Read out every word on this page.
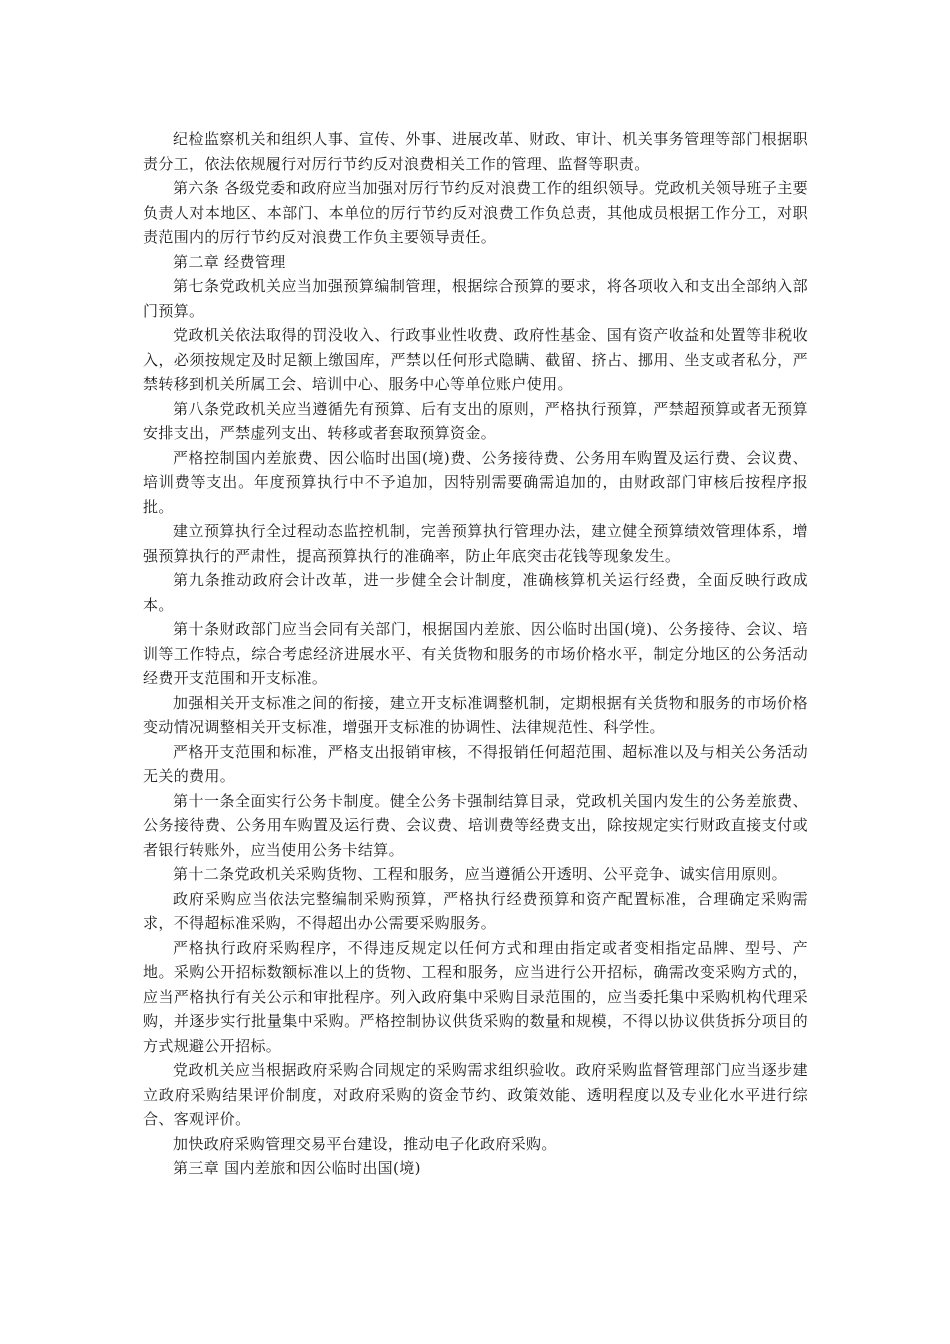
纪检监察机关和组织人事、宣传、外事、进展改革、财政、审计、机关事务管理等部门根据职责分工，依法依规履行对厉行节约反对浪费相关工作的管理、监督等职责。

第六条 各级党委和政府应当加强对厉行节约反对浪费工作的组织领导。党政机关领导班子主要负责人对本地区、本部门、本单位的厉行节约反对浪费工作负总责，其他成员根据工作分工，对职责范围内的厉行节约反对浪费工作负主要领导责任。

第二章 经费管理

第七条党政机关应当加强预算编制管理，根据综合预算的要求，将各项收入和支出全部纳入部门预算。

党政机关依法取得的罚没收入、行政事业性收费、政府性基金、国有资产收益和处置等非税收入，必须按规定及时足额上缴国库，严禁以任何形式隐瞒、截留、挤占、挪用、坐支或者私分，严禁转移到机关所属工会、培训中心、服务中心等单位账户使用。

第八条党政机关应当遵循先有预算、后有支出的原则，严格执行预算，严禁超预算或者无预算安排支出，严禁虚列支出、转移或者套取预算资金。

严格控制国内差旅费、因公临时出国(境)费、公务接待费、公务用车购置及运行费、会议费、培训费等支出。年度预算执行中不予追加，因特别需要确需追加的，由财政部门审核后按程序报批。

建立预算执行全过程动态监控机制，完善预算执行管理办法，建立健全预算绩效管理体系，增强预算执行的严肃性，提高预算执行的准确率，防止年底突击花钱等现象发生。

第九条推动政府会计改革，进一步健全会计制度，准确核算机关运行经费，全面反映行政成本。

第十条财政部门应当会同有关部门，根据国内差旅、因公临时出国(境)、公务接待、会议、培训等工作特点，综合考虑经济进展水平、有关货物和服务的市场价格水平，制定分地区的公务活动经费开支范围和开支标准。

加强相关开支标准之间的衔接，建立开支标准调整机制，定期根据有关货物和服务的市场价格变动情况调整相关开支标准，增强开支标准的协调性、法律规范性、科学性。

严格开支范围和标准，严格支出报销审核，不得报销任何超范围、超标准以及与相关公务活动无关的费用。

第十一条全面实行公务卡制度。健全公务卡强制结算目录，党政机关国内发生的公务差旅费、公务接待费、公务用车购置及运行费、会议费、培训费等经费支出，除按规定实行财政直接支付或者银行转账外，应当使用公务卡结算。

第十二条党政机关采购货物、工程和服务，应当遵循公开透明、公平竞争、诚实信用原则。

政府采购应当依法完整编制采购预算，严格执行经费预算和资产配置标准，合理确定采购需求，不得超标准采购，不得超出办公需要采购服务。

严格执行政府采购程序，不得违反规定以任何方式和理由指定或者变相指定品牌、型号、产地。采购公开招标数额标准以上的货物、工程和服务，应当进行公开招标，确需改变采购方式的，应当严格执行有关公示和审批程序。列入政府集中采购目录范围的，应当委托集中采购机构代理采购，并逐步实行批量集中采购。严格控制协议供货采购的数量和规模，不得以协议供货拆分项目的方式规避公开招标。

党政机关应当根据政府采购合同规定的采购需求组织验收。政府采购监督管理部门应当逐步建立政府采购结果评价制度，对政府采购的资金节约、政策效能、透明程度以及专业化水平进行综合、客观评价。

加快政府采购管理交易平台建设，推动电子化政府采购。

第三章 国内差旅和因公临时出国(境)
